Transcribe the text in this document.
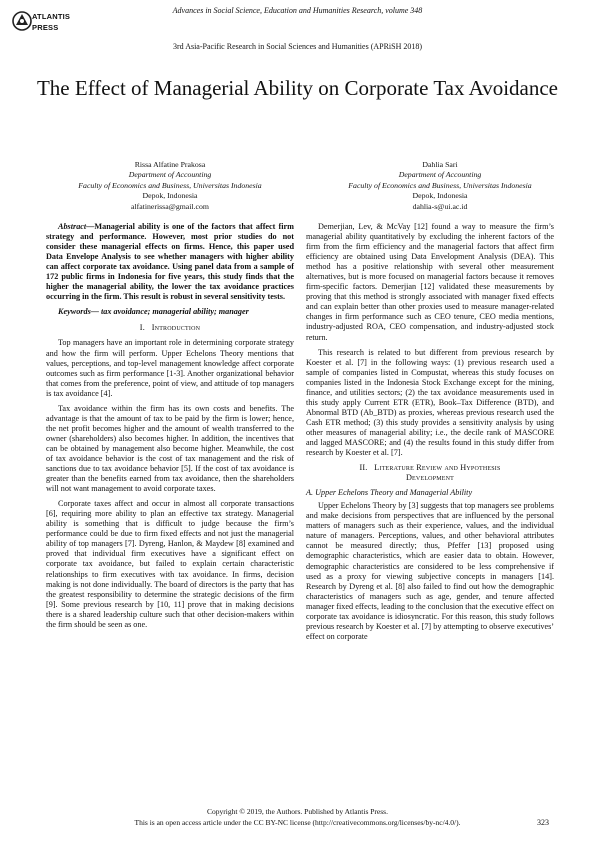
ATLANTIS
PRESS
Advances in Social Science, Education and Humanities Research, volume 348
3rd Asia-Pacific Research in Social Sciences and Humanities (APRiSH 2018)
The Effect of Managerial Ability on Corporate Tax Avoidance
Rissa Alfatine Prakosa
Department of Accounting
Faculty of Economics and Business, Universitas Indonesia
Depok, Indonesia
alfatinerissa@gmail.com
Dahlia Sari
Department of Accounting
Faculty of Economics and Business, Universitas Indonesia
Depok, Indonesia
dahlia-s@ui.ac.id

Abstract—Managerial ability is one of the factors that affect firm strategy and performance. However, most prior studies do not consider these managerial effects on firms. Hence, this paper used Data Envelope Analysis to see whether managers with higher ability can affect corporate tax avoidance. Using panel data from a sample of 172 public firms in Indonesia for five years, this study finds that the higher the managerial ability, the lower the tax avoidance practices occurring in the firm. This result is robust in several sensitivity tests.

Keywords— tax avoidance; managerial ability; manager

I. Introduction

Top managers have an important role in determining corporate strategy and how the firm will perform. Upper Echelons Theory mentions that values, perceptions, and top-level management knowledge affect corporate outcomes such as firm performance [1-3]. Another organizational behavior that comes from the preference, point of view, and attitude of top managers is tax avoidance [4].

Tax avoidance within the firm has its own costs and benefits. The advantage is that the amount of tax to be paid by the firm is lower; hence, the net profit becomes higher and the amount of wealth transferred to the owner (shareholders) also becomes higher. In addition, the incentives that can be obtained by management also become higher. Meanwhile, the cost of tax avoidance behavior is the cost of tax management and the risk of sanctions due to tax avoidance behavior [5]. If the cost of tax avoidance is greater than the benefits earned from tax avoidance, then the shareholders will not want management to avoid corporate taxes.

Corporate taxes affect and occur in almost all corporate transactions [6], requiring more ability to plan an effective tax strategy. Managerial ability is something that is difficult to judge because the firm’s performance could be due to firm fixed effects and not just the managerial ability of top managers [7]. Dyreng, Hanlon, & Maydew [8] examined and proved that individual firm executives have a significant effect on corporate tax avoidance, but failed to explain certain characteristic relationships to firm executives with tax avoidance. In firms, decision making is not done individually. The board of directors is the party that has the greatest responsibility to determine the strategic decisions of the firm [9]. Some previous research by [10, 11] prove that in making decisions there is a shared leadership culture such that other decision-makers within the firm should be seen as one.

Demerjian, Lev, & McVay [12] found a way to measure the firm’s managerial ability quantitatively by excluding the inherent factors of the firm from the firm efficiency and the managerial factors that affect firm efficiency are obtained using Data Envelopment Analysis (DEA). This method has a positive relationship with several other measurement alternatives, but is more focused on managerial factors because it removes firm-specific factors. Demerjian [12] validated these measurements by proving that this method is strongly associated with manager fixed effects and can explain better than other proxies used to measure manager-related changes in firm performance such as CEO tenure, CEO media mentions, industry-adjusted ROA, CEO compensation, and industry-adjusted stock return.

This research is related to but different from previous research by Koester et al. [7] in the following ways: (1) previous research used a sample of companies listed in Compustat, whereas this study focuses on companies listed in the Indonesia Stock Exchange except for the mining, finance, and utilities sectors; (2) the tax avoidance measurements used in this study apply Current ETR (ETR), Book–Tax Difference (BTD), and Abnormal BTD (Ab_BTD) as proxies, whereas previous research used the Cash ETR method; (3) this study provides a sensitivity analysis by using other measures of managerial ability; i.e., the decile rank of MASCORE and lagged MASCORE; and (4) the results found in this study differ from research by Koester et al. [7].

II. Literature Review and Hypothesis
Development

A. Upper Echelons Theory and Managerial Ability

Upper Echelons Theory by [3] suggests that top managers see problems and make decisions from perspectives that are influenced by the personal matters of managers such as their experience, values, and the individual nature of managers. Perceptions, values, and other behavioral attributes cannot be measured directly; thus, Pfeffer [13] proposed using demographic characteristics, which are easier data to obtain. However, demographic characteristics are considered to be less comprehensive if used as a proxy for viewing subjective concepts in managers [14]. Research by Dyreng et al. [8] also failed to find out how the demographic characteristics of managers such as age, gender, and tenure affected manager fixed effects, leading to the conclusion that the executive effect on corporate tax avoidance is idiosyncratic. For this reason, this study follows previous research by Koester et al. [7] by attempting to observe executives’ effect on corporate

Copyright © 2019, the Authors. Published by Atlantis Press.
This is an open access article under the CC BY-NC license (http://creativecommons.org/licenses/by-nc/4.0/).	323
